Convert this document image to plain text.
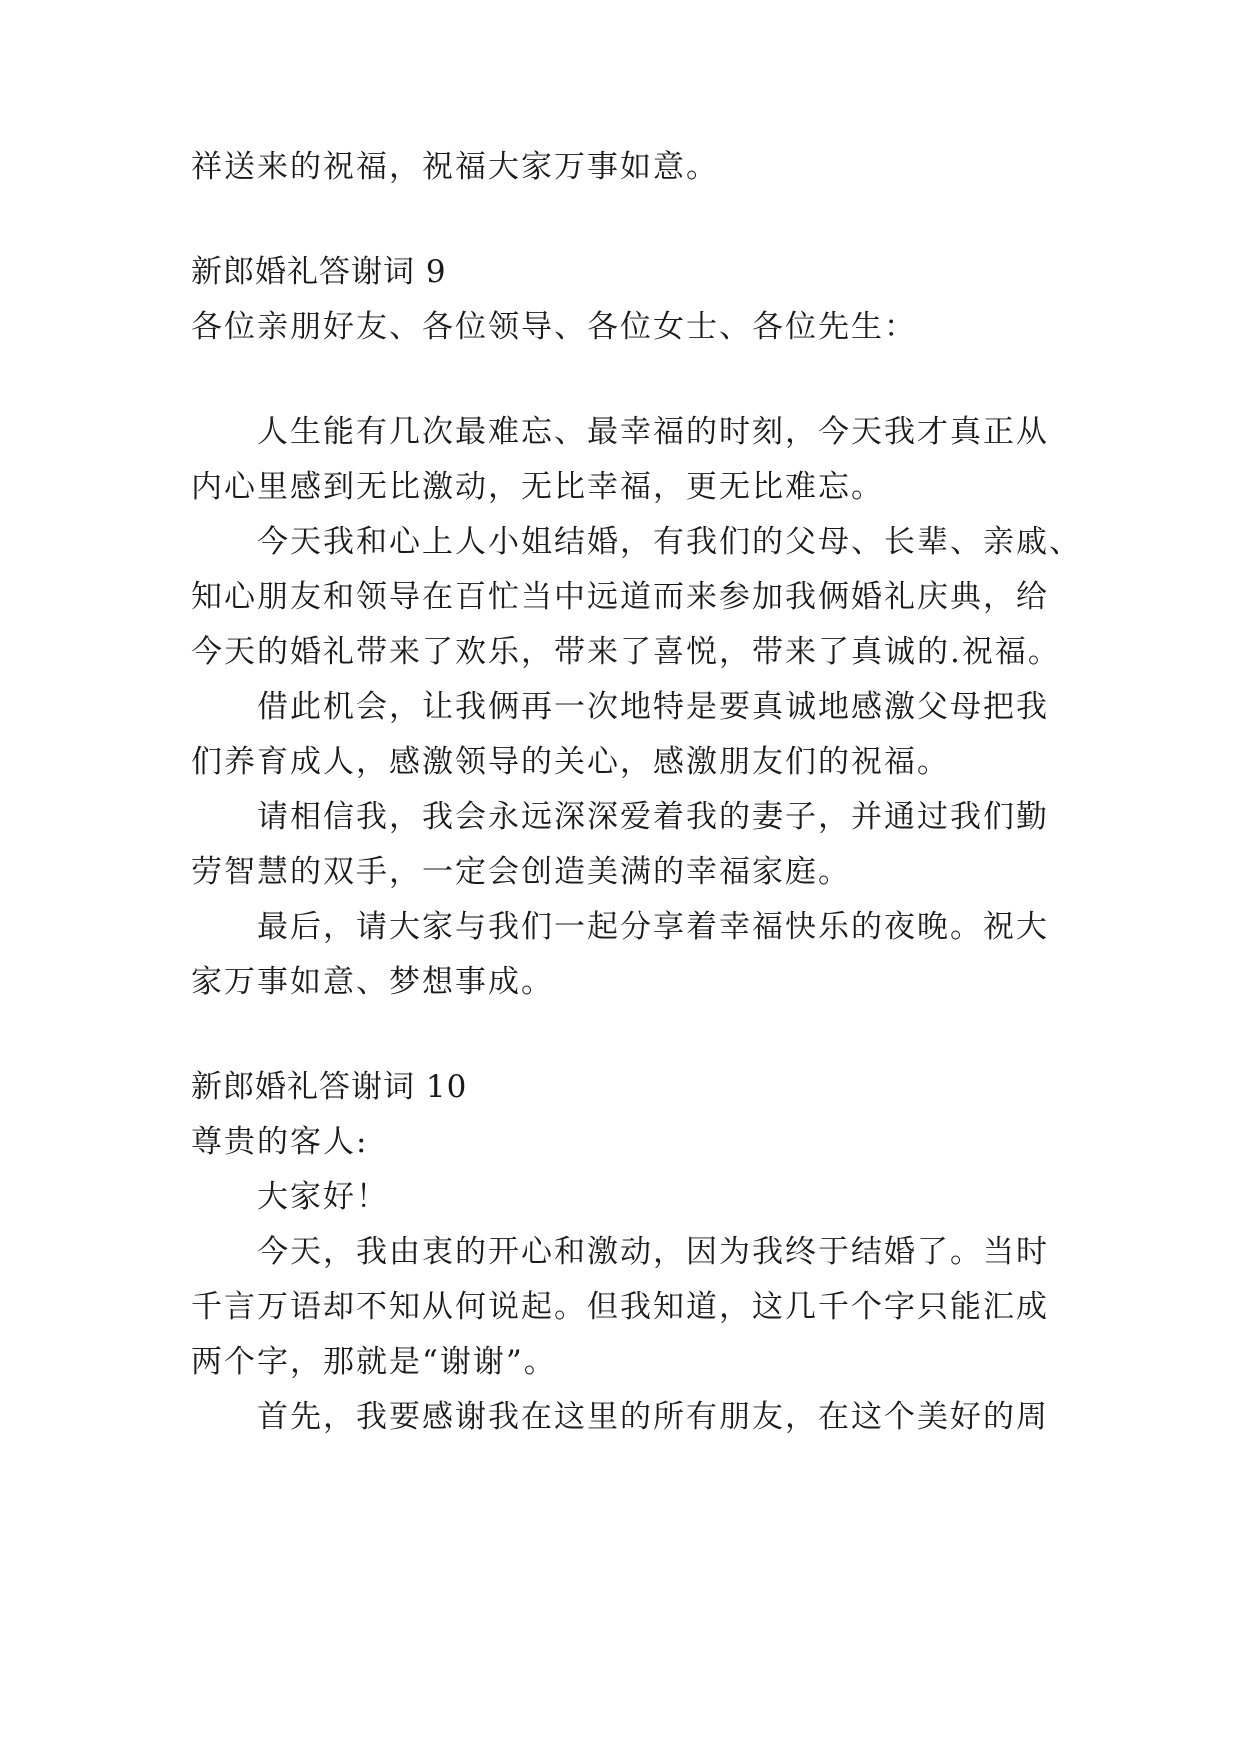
祥送来的祝福，祝福大家万事如意。
新郎婚礼答谢词 9
各位亲朋好友、各位领导、各位女士、各位先生：
人生能有几次最难忘、最幸福的时刻，今天我才真正从
内心里感到无比激动，无比幸福，更无比难忘。
今天我和心上人小姐结婚，有我们的父母、长辈、亲戚、
知心朋友和领导在百忙当中远道而来参加我俩婚礼庆典，给
今天的婚礼带来了欢乐，带来了喜悦，带来了真诚的.祝福。
借此机会，让我俩再一次地特是要真诚地感激父母把我
们养育成人，感激领导的关心，感激朋友们的祝福。
请相信我，我会永远深深爱着我的妻子，并通过我们勤
劳智慧的双手，一定会创造美满的幸福家庭。
最后，请大家与我们一起分享着幸福快乐的夜晚。祝大
家万事如意、梦想事成。
新郎婚礼答谢词 10
尊贵的客人:
大家好！
今天，我由衷的开心和激动，因为我终于结婚了。当时
千言万语却不知从何说起。但我知道，这几千个字只能汇成
两个字，那就是“谢谢”。
首先，我要感谢我在这里的所有朋友，在这个美好的周
